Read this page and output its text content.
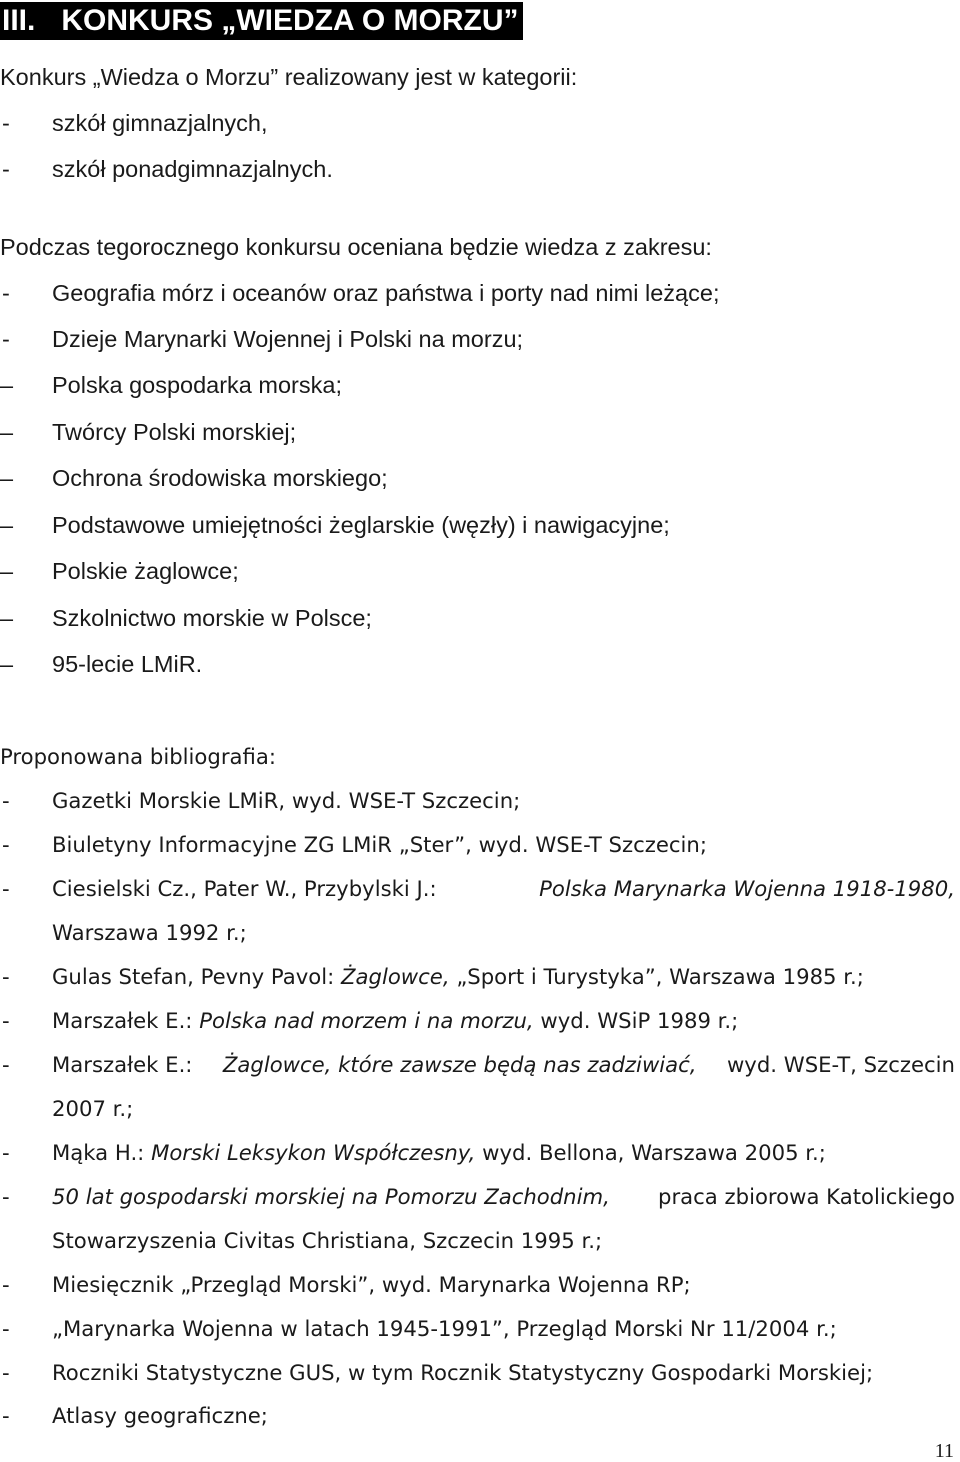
III. KONKURS „WIEDZA O MORZU”
Konkurs „Wiedza o Morzu” realizowany jest w kategorii:
- szkół gimnazjalnych,
- szkół ponadgimnazjalnych.
Podczas tegorocznego konkursu oceniana będzie wiedza z zakresu:
- Geografia mórz i oceanów oraz państwa i porty nad nimi leżące;
- Dzieje Marynarki Wojennej i Polski na morzu;
–	Polska gospodarka morska;
–	Twórcy Polski morskiej;
–	Ochrona środowiska morskiego;
–	Podstawowe umiejętności żeglarskie (węzły) i nawigacyjne;
–	Polskie żaglowce;
–	Szkolnictwo morskie w Polsce;
–	95-lecie LMiR.
Proponowana bibliografia:
- Gazetki Morskie LMiR, wyd. WSE-T Szczecin;
- Biuletyny Informacyjne ZG LMiR „Ster”, wyd. WSE-T Szczecin;
- Ciesielski Cz., Pater W., Przybylski J.:	Polska Marynarka Wojenna 1918-1980,
Warszawa 1992 r.;
- Gulas Stefan, Pevny Pavol: Żaglowce, „Sport i Turystyka”, Warszawa 1985 r.;
- Marszałek E.: Polska nad morzem i na morzu, wyd. WSiP 1989 r.;
- Marszałek E.: Żaglowce, które zawsze będą nas zadziwiać, wyd. WSE-T, Szczecin
2007 r.;
- Mąka H.: Morski Leksykon Współczesny, wyd. Bellona, Warszawa 2005 r.;
- 50 lat gospodarski morskiej na Pomorzu Zachodnim, praca zbiorowa Katolickiego
Stowarzyszenia Civitas Christiana, Szczecin 1995 r.;
- Miesięcznik „Przegląd Morski”, wyd. Marynarka Wojenna RP;
- „Marynarka Wojenna w latach 1945-1991”, Przegląd Morski Nr 11/2004 r.;
- Roczniki Statystyczne GUS, w tym Rocznik Statystyczny Gospodarki Morskiej;
- Atlasy geograficzne;
11
